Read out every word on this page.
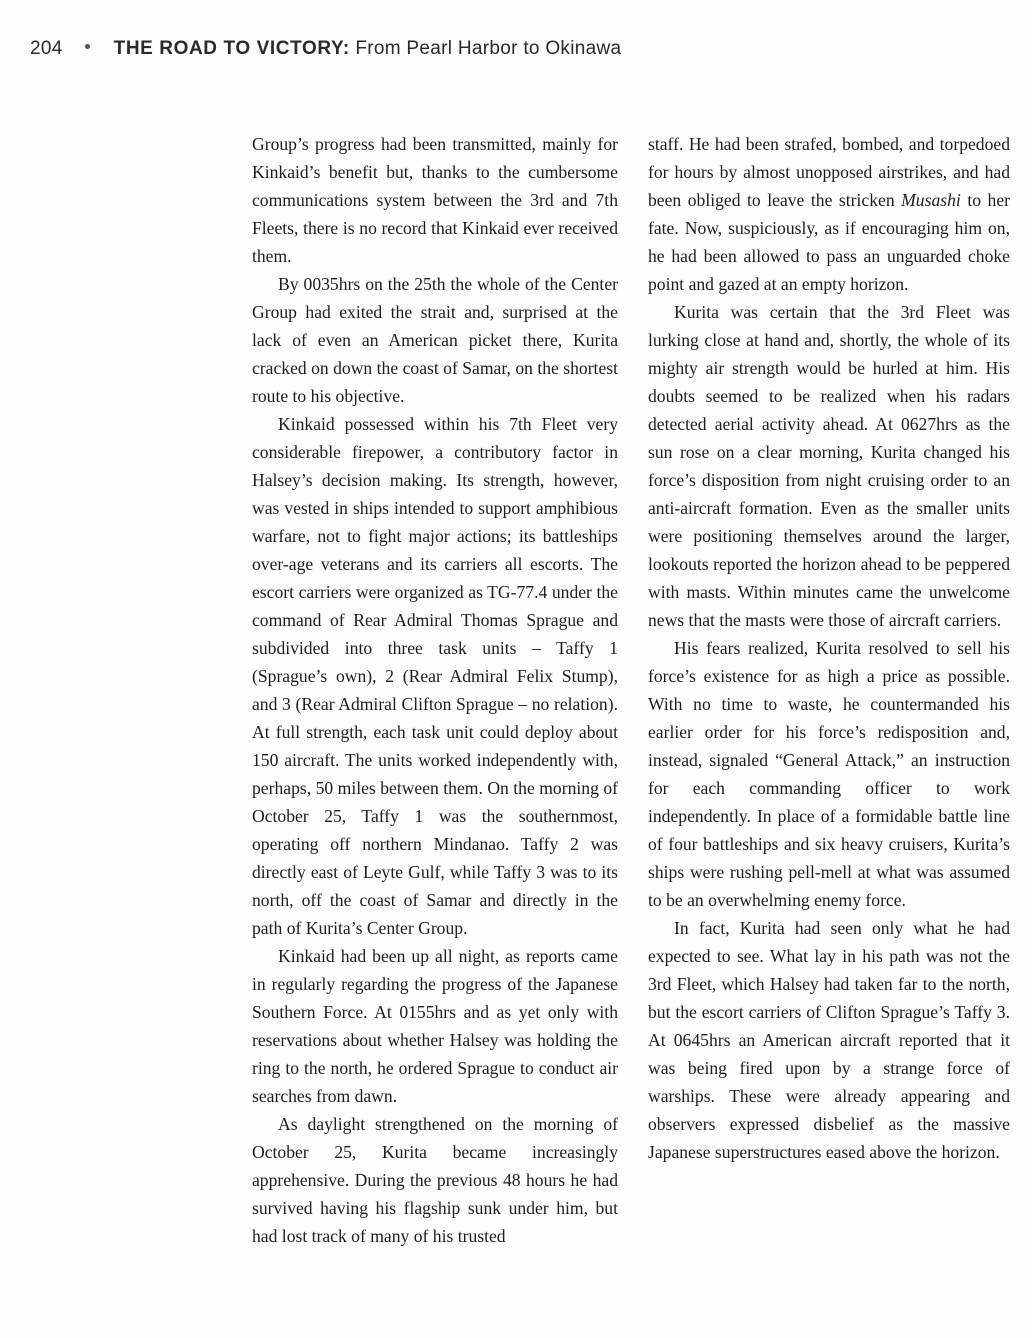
204	THE ROAD TO VICTORY: From Pearl Harbor to Okinawa

Group’s progress had been transmitted, mainly for Kinkaid’s benefit but, thanks to the cumbersome communications system between the 3rd and 7th Fleets, there is no record that Kinkaid ever received them.

By 0035hrs on the 25th the whole of the Center Group had exited the strait and, surprised at the lack of even an American picket there, Kurita cracked on down the coast of Samar, on the shortest route to his objective.

Kinkaid possessed within his 7th Fleet very considerable firepower, a contributory factor in Halsey’s decision making. Its strength, however, was vested in ships intended to support amphibious warfare, not to fight major actions; its battleships over-age veterans and its carriers all escorts. The escort carriers were organized as TG-77.4 under the command of Rear Admiral Thomas Sprague and subdivided into three task units – Taffy 1 (Sprague’s own), 2 (Rear Admiral Felix Stump), and 3 (Rear Admiral Clifton Sprague – no relation). At full strength, each task unit could deploy about 150 aircraft. The units worked independently with, perhaps, 50 miles between them. On the morning of October 25, Taffy 1 was the southernmost, operating off northern Mindanao. Taffy 2 was directly east of Leyte Gulf, while Taffy 3 was to its north, off the coast of Samar and directly in the path of Kurita’s Center Group.

Kinkaid had been up all night, as reports came in regularly regarding the progress of the Japanese Southern Force. At 0155hrs and as yet only with reservations about whether Halsey was holding the ring to the north, he ordered Sprague to conduct air searches from dawn.

As daylight strengthened on the morning of October 25, Kurita became increasingly apprehensive. During the previous 48 hours he had survived having his flagship sunk under him, but had lost track of many of his trusted

staff. He had been strafed, bombed, and torpedoed for hours by almost unopposed airstrikes, and had been obliged to leave the stricken Musashi to her fate. Now, suspiciously, as if encouraging him on, he had been allowed to pass an unguarded choke point and gazed at an empty horizon.

Kurita was certain that the 3rd Fleet was lurking close at hand and, shortly, the whole of its mighty air strength would be hurled at him. His doubts seemed to be realized when his radars detected aerial activity ahead. At 0627hrs as the sun rose on a clear morning, Kurita changed his force’s disposition from night cruising order to an anti-aircraft formation. Even as the smaller units were positioning themselves around the larger, lookouts reported the horizon ahead to be peppered with masts. Within minutes came the unwelcome news that the masts were those of aircraft carriers.

His fears realized, Kurita resolved to sell his force’s existence for as high a price as possible. With no time to waste, he countermanded his earlier order for his force’s redisposition and, instead, signaled “General Attack,” an instruction for each commanding officer to work independently. In place of a formidable battle line of four battleships and six heavy cruisers, Kurita’s ships were rushing pell-mell at what was assumed to be an overwhelming enemy force.

In fact, Kurita had seen only what he had expected to see. What lay in his path was not the 3rd Fleet, which Halsey had taken far to the north, but the escort carriers of Clifton Sprague’s Taffy 3. At 0645hrs an American aircraft reported that it was being fired upon by a strange force of warships. These were already appearing and observers expressed disbelief as the massive Japanese superstructures eased above the horizon.
